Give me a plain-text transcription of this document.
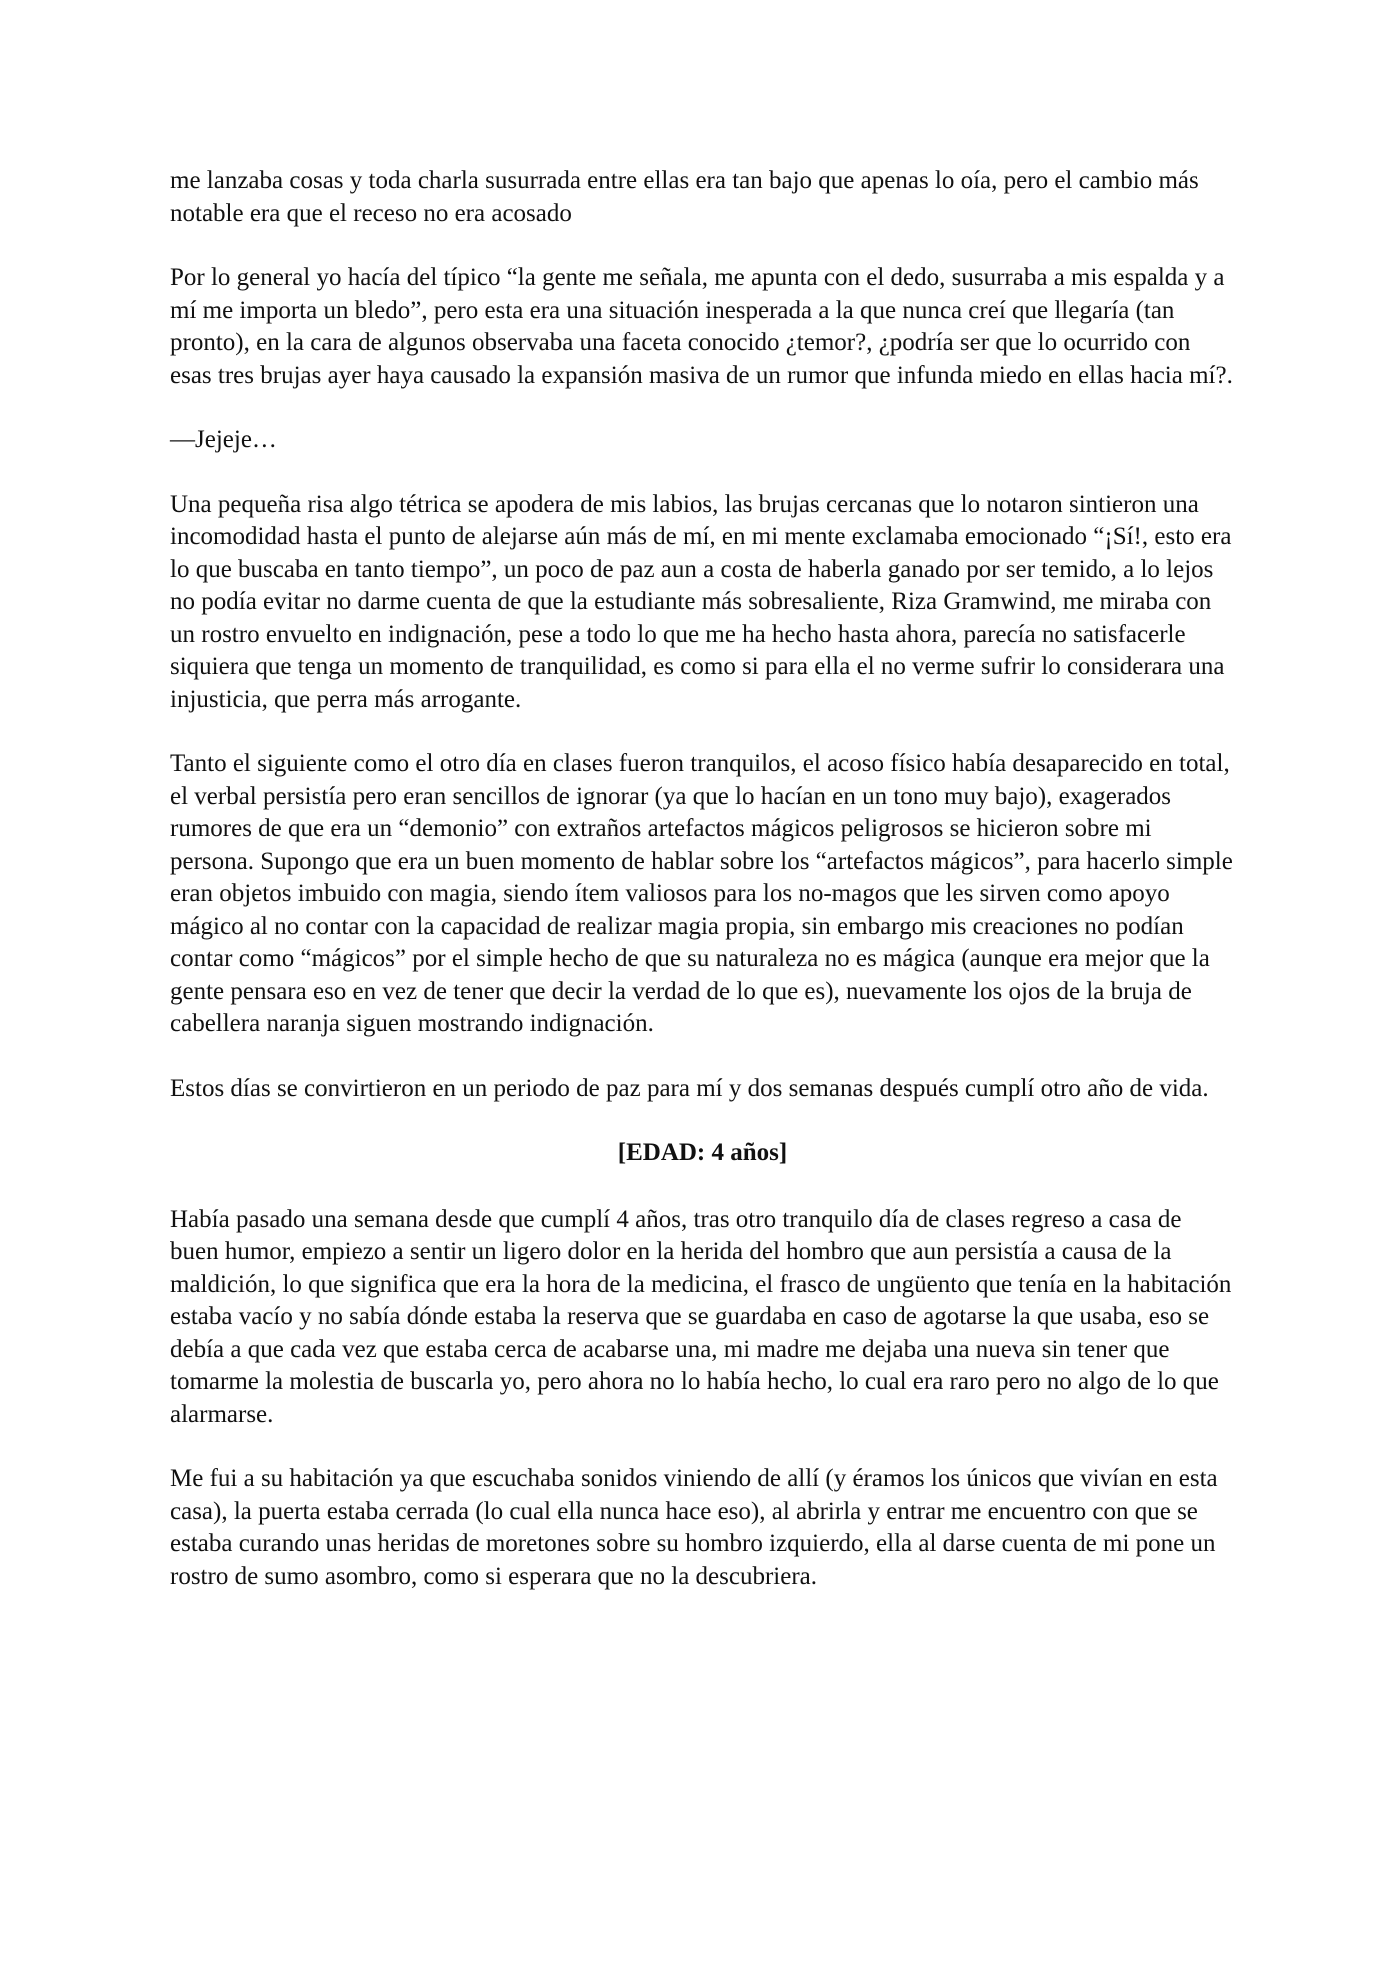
me lanzaba cosas y toda charla susurrada entre ellas era tan bajo que apenas lo oía, pero el cambio más notable era que el receso no era acosado

Por lo general yo hacía del típico “la gente me señala, me apunta con el dedo, susurraba a mis espalda y a mí me importa un bledo”, pero esta era una situación inesperada a la que nunca creí que llegaría (tan pronto), en la cara de algunos observaba una faceta conocido ¿temor?, ¿podría ser que lo ocurrido con esas tres brujas ayer haya causado la expansión masiva de un rumor que infunda miedo en ellas hacia mí?.

—Jejeje…

Una pequeña risa algo tétrica se apodera de mis labios, las brujas cercanas que lo notaron sintieron una incomodidad hasta el punto de alejarse aún más de mí, en mi mente exclamaba emocionado “¡Sí!, esto era lo que buscaba en tanto tiempo”, un poco de paz aun a costa de haberla ganado por ser temido, a lo lejos no podía evitar no darme cuenta de que la estudiante más sobresaliente, Riza Gramwind, me miraba con un rostro envuelto en indignación, pese a todo lo que me ha hecho hasta ahora, parecía no satisfacerle siquiera que tenga un momento de tranquilidad, es como si para ella el no verme sufrir lo considerara una injusticia, que perra más arrogante.

Tanto el siguiente como el otro día en clases fueron tranquilos, el acoso físico había desaparecido en total, el verbal persistía pero eran sencillos de ignorar (ya que lo hacían en un tono muy bajo), exagerados rumores de que era un “demonio” con extraños artefactos mágicos peligrosos se hicieron sobre mi persona. Supongo que era un buen momento de hablar sobre los “artefactos mágicos”, para hacerlo simple eran objetos imbuido con magia, siendo ítem valiosos para los no-magos que les sirven como apoyo mágico al no contar con la capacidad de realizar magia propia, sin embargo mis creaciones no podían contar como “mágicos” por el simple hecho de que su naturaleza no es mágica (aunque era mejor que la gente pensara eso en vez de tener que decir la verdad de lo que es), nuevamente los ojos de la bruja de cabellera naranja siguen mostrando indignación.

Estos días se convirtieron en un periodo de paz para mí y dos semanas después cumplí otro año de vida.

[EDAD: 4 años]

Había pasado una semana desde que cumplí 4 años, tras otro tranquilo día de clases regreso a casa de buen humor, empiezo a sentir un ligero dolor en la herida del hombro que aun persistía a causa de la maldición, lo que significa que era la hora de la medicina, el frasco de ungüento que tenía en la habitación estaba vacío y no sabía dónde estaba la reserva que se guardaba en caso de agotarse la que usaba, eso se debía a que cada vez que estaba cerca de acabarse una, mi madre me dejaba una nueva sin tener que tomarme la molestia de buscarla yo, pero ahora no lo había hecho, lo cual era raro pero no algo de lo que alarmarse.

Me fui a su habitación ya que escuchaba sonidos viniendo de allí (y éramos los únicos que vivían en esta casa), la puerta estaba cerrada (lo cual ella nunca hace eso), al abrirla y entrar me encuentro con que se estaba curando unas heridas de moretones sobre su hombro izquierdo, ella al darse cuenta de mi pone un rostro de sumo asombro, como si esperara que no la descubriera.
